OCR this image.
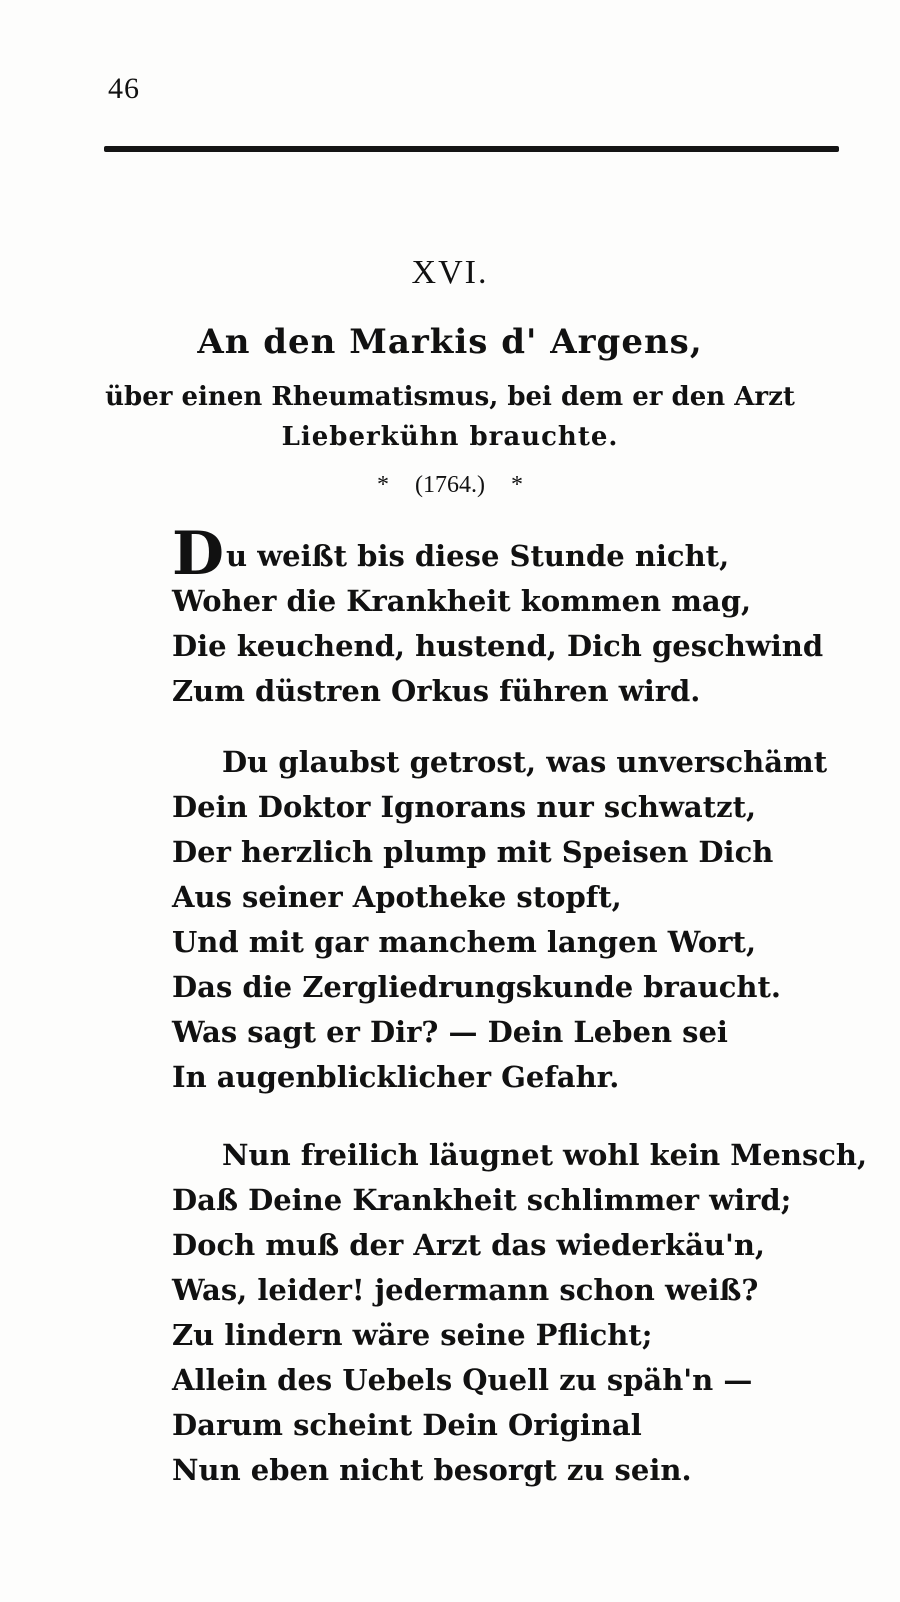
46
XVI.
An den Markis d' Argens,
über einen Rheumatismus, bei dem er den Arzt
Lieberkühn brauchte.
* (1764.) *
Du weißt bis diese Stunde nicht,
Woher die Krankheit kommen mag,
Die keuchend, hustend, Dich geschwind
Zum düstren Orkus führen wird.
Du glaubst getrost, was unverschämt
Dein Doktor Ignorans nur schwatzt,
Der herzlich plump mit Speisen Dich
Aus seiner Apotheke stopft,
Und mit gar manchem langen Wort,
Das die Zergliedrungskunde braucht.
Was sagt er Dir? — Dein Leben sei
In augenblicklicher Gefahr.
Nun freilich läugnet wohl kein Mensch,
Daß Deine Krankheit schlimmer wird;
Doch muß der Arzt das wiederkäu'n,
Was, leider! jedermann schon weiß?
Zu lindern wäre seine Pflicht;
Allein des Uebels Quell zu späh'n —
Darum scheint Dein Original
Nun eben nicht besorgt zu sein.
